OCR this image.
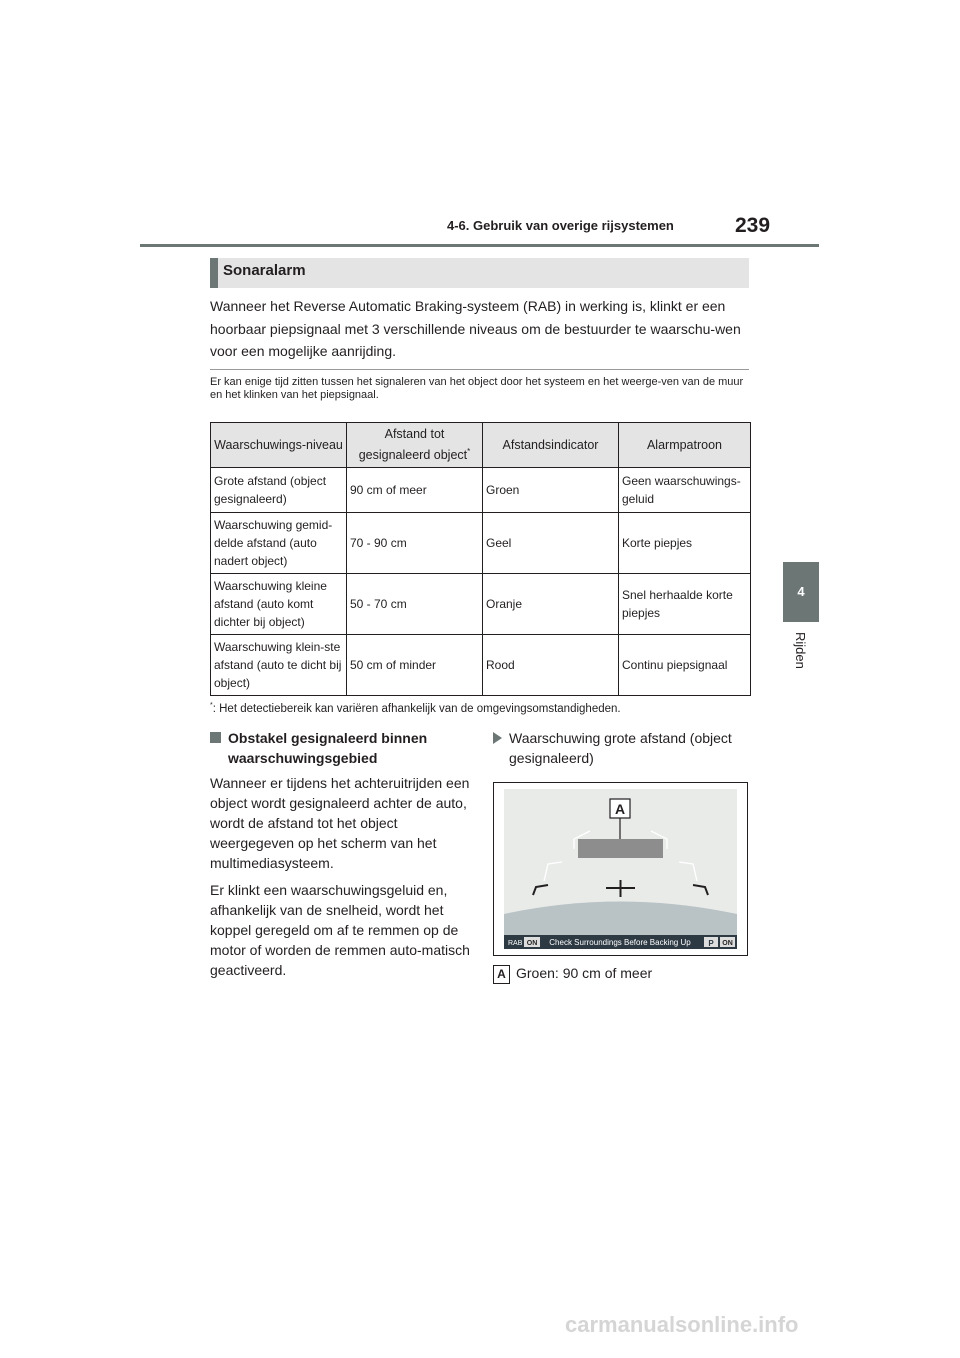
4-6. Gebruik van overige rijsystemen	239
4
Rijden
Sonaralarm
Wanneer het Reverse Automatic Braking-systeem (RAB) in werking is, klinkt er een hoorbaar piepsignaal met 3 verschillende niveaus om de bestuurder te waarschu-wen voor een mogelijke aanrijding.
Er kan enige tijd zitten tussen het signaleren van het object door het systeem en het weerge-ven van de muur en het klinken van het piepsignaal.
Waarschuwings-niveau	Afstand tot gesignaleerd object*	Afstandsindicator	Alarmpatroon
Grote afstand (object gesignaleerd)	90 cm of meer	Groen	Geen waarschuwings-geluid
Waarschuwing gemid-delde afstand (auto nadert object)	70 - 90 cm	Geel	Korte piepjes
Waarschuwing kleine afstand (auto komt dichter bij object)	50 - 70 cm	Oranje	Snel herhaalde korte piepjes
Waarschuwing klein-ste afstand (auto te dicht bij object)	50 cm of minder	Rood	Continu piepsignaal
*: Het detectiebereik kan variëren afhankelijk van de omgevingsomstandigheden.
Obstakel gesignaleerd binnen waarschuwingsgebied
Wanneer er tijdens het achteruitrijden een object wordt gesignaleerd achter de auto, wordt de afstand tot het object weergegeven op het scherm van het multimediasysteem.
Er klinkt een waarschuwingsgeluid en, afhankelijk van de snelheid, wordt het koppel geregeld om af te remmen op de motor of worden de remmen auto-matisch geactiveerd.
Waarschuwing grote afstand (object gesignaleerd)
A
RAB ON Check Surroundings Before Backing Up P ON
A Groen: 90 cm of meer
carmanualsonline.info
